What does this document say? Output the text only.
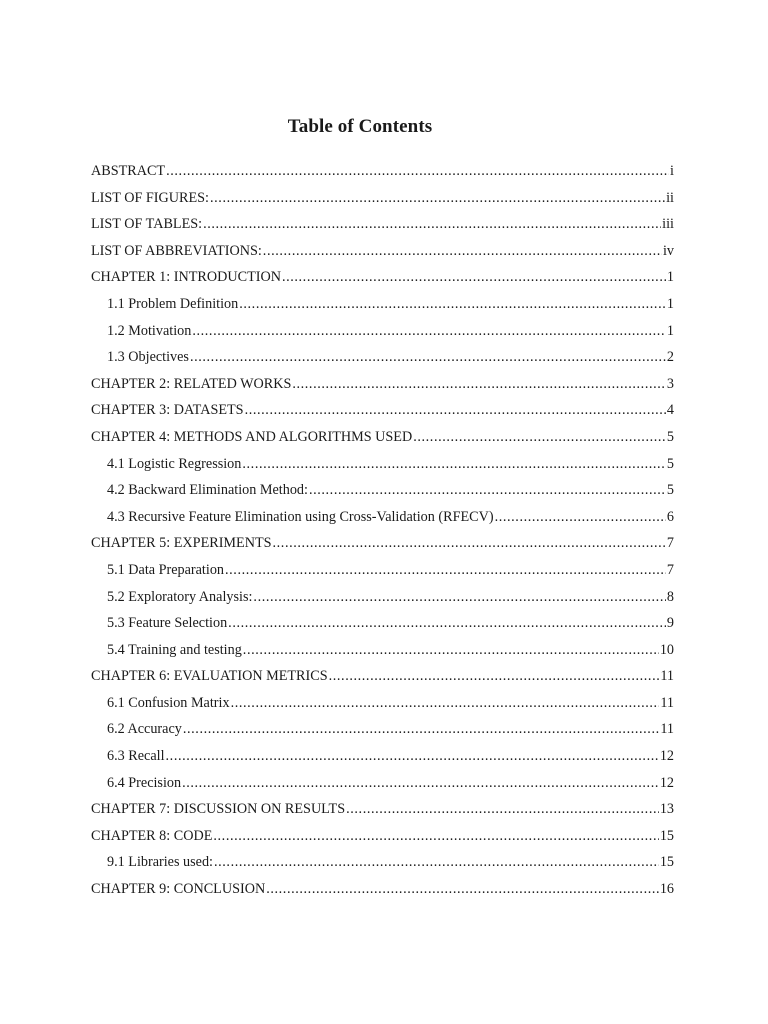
Table of Contents
ABSTRACT .....	i
LIST OF FIGURES: .....	ii
LIST OF TABLES: .....	iii
LIST OF ABBREVIATIONS: .....	iv
CHAPTER 1: INTRODUCTION .....	1
1.1 Problem Definition .....	1
1.2 Motivation .....	1
1.3 Objectives .....	2
CHAPTER 2: RELATED WORKS .....	3
CHAPTER 3: DATASETS .....	4
CHAPTER 4: METHODS AND ALGORITHMS USED .....	5
4.1 Logistic Regression .....	5
4.2 Backward Elimination Method: .....	5
4.3 Recursive Feature Elimination using Cross-Validation (RFECV) .....	6
CHAPTER 5: EXPERIMENTS .....	7
5.1 Data Preparation .....	7
5.2 Exploratory Analysis: .....	8
5.3 Feature Selection .....	9
5.4 Training and testing .....	10
CHAPTER 6: EVALUATION METRICS .....	11
6.1 Confusion Matrix .....	11
6.2 Accuracy .....	11
6.3 Recall .....	12
6.4 Precision .....	12
CHAPTER 7: DISCUSSION ON RESULTS .....	13
CHAPTER 8: CODE .....	15
9.1 Libraries used: .....	15
CHAPTER 9: CONCLUSION .....	16
